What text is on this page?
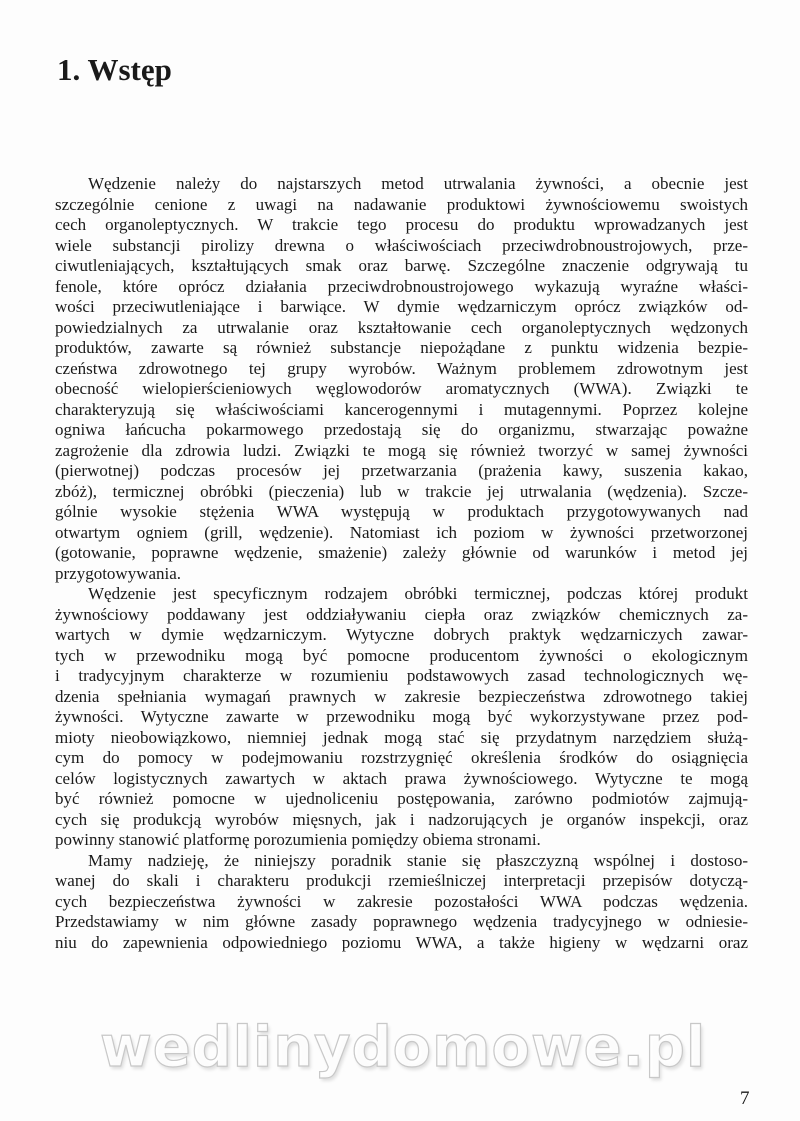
1. Wstęp
Wędzenie należy do najstarszych metod utrwalania żywności, a obecnie jest
szczególnie cenione z uwagi na nadawanie produktowi żywnościowemu swoistych
cech organoleptycznych. W trakcie tego procesu do produktu wprowadzanych jest
wiele substancji pirolizy drewna o właściwościach przeciwdrobnoustrojowych, prze-
ciwutleniających, kształtujących smak oraz barwę. Szczególne znaczenie odgrywają tu
fenole, które oprócz działania przeciwdrobnoustrojowego wykazują wyraźne właści-
wości przeciwutleniające i barwiące. W dymie wędzarniczym oprócz związków od-
powiedzialnych za utrwalanie oraz kształtowanie cech organoleptycznych wędzonych
produktów, zawarte są również substancje niepożądane z punktu widzenia bezpie-
czeństwa zdrowotnego tej grupy wyrobów. Ważnym problemem zdrowotnym jest
obecność wielopierścieniowych węglowodorów aromatycznych (WWA). Związki te
charakteryzują się właściwościami kancerogennymi i mutagennymi. Poprzez kolejne
ogniwa łańcucha pokarmowego przedostają się do organizmu, stwarzając poważne
zagrożenie dla zdrowia ludzi. Związki te mogą się również tworzyć w samej żywności
(pierwotnej) podczas procesów jej przetwarzania (prażenia kawy, suszenia kakao,
zbóż), termicznej obróbki (pieczenia) lub w trakcie jej utrwalania (wędzenia). Szcze-
gólnie wysokie stężenia WWA występują w produktach przygotowywanych nad
otwartym ogniem (grill, wędzenie). Natomiast ich poziom w żywności przetworzonej
(gotowanie, poprawne wędzenie, smażenie) zależy głównie od warunków i metod jej
przygotowywania.
Wędzenie jest specyficznym rodzajem obróbki termicznej, podczas której produkt
żywnościowy poddawany jest oddziaływaniu ciepła oraz związków chemicznych za-
wartych w dymie wędzarniczym. Wytyczne dobrych praktyk wędzarniczych zawar-
tych w przewodniku mogą być pomocne producentom żywności o ekologicznym
i tradycyjnym charakterze w rozumieniu podstawowych zasad technologicznych wę-
dzenia spełniania wymagań prawnych w zakresie bezpieczeństwa zdrowotnego takiej
żywności. Wytyczne zawarte w przewodniku mogą być wykorzystywane przez pod-
mioty nieobowiązkowo, niemniej jednak mogą stać się przydatnym narzędziem służą-
cym do pomocy w podejmowaniu rozstrzygnięć określenia środków do osiągnięcia
celów logistycznych zawartych w aktach prawa żywnościowego. Wytyczne te mogą
być również pomocne w ujednoliceniu postępowania, zarówno podmiotów zajmują-
cych się produkcją wyrobów mięsnych, jak i nadzorujących je organów inspekcji, oraz
powinny stanowić platformę porozumienia pomiędzy obiema stronami.
Mamy nadzieję, że niniejszy poradnik stanie się płaszczyzną wspólnej i dostoso-
wanej do skali i charakteru produkcji rzemieślniczej interpretacji przepisów dotyczą-
cych bezpieczeństwa żywności w zakresie pozostałości WWA podczas wędzenia.
Przedstawiamy w nim główne zasady poprawnego wędzenia tradycyjnego w odniesie-
niu do zapewnienia odpowiedniego poziomu WWA, a także higieny w wędzarni oraz
wedlinydomowe.pl
7
